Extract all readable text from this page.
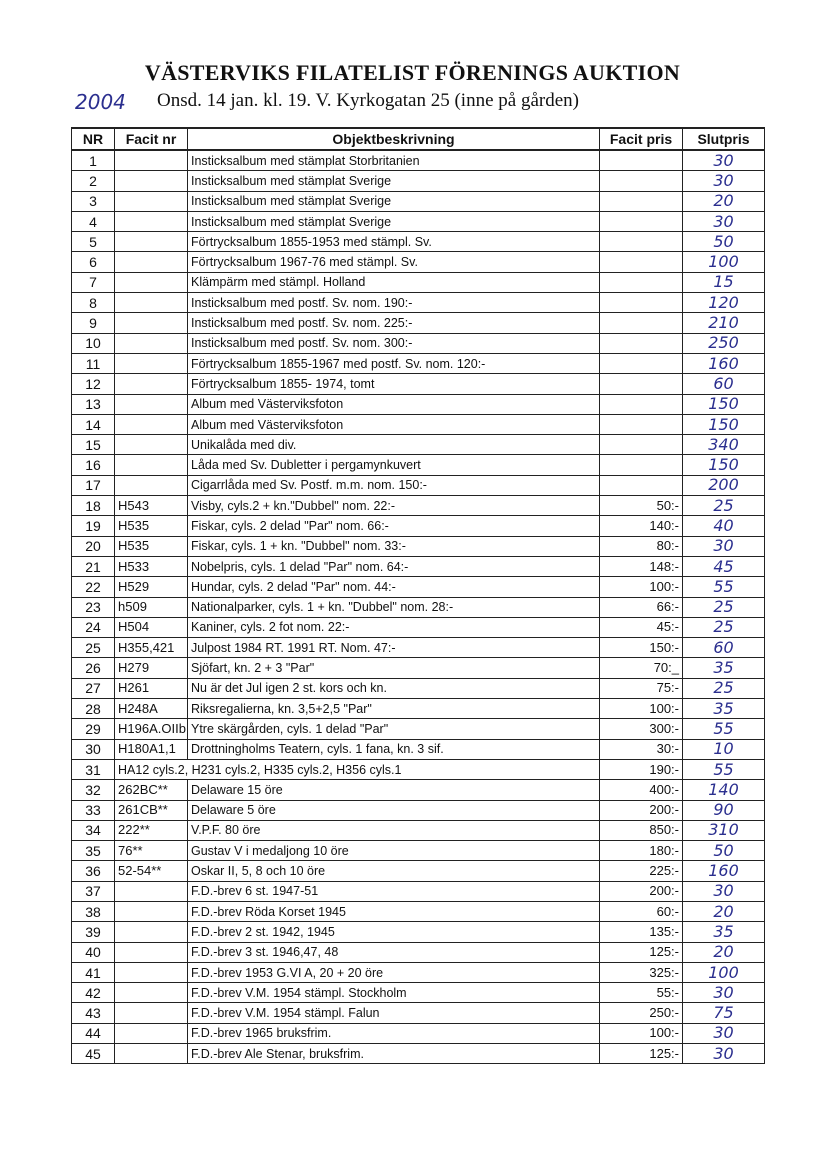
VÄSTERVIKS FILATELIST FÖRENINGS AUKTION
2004 Onsd. 14 jan. kl. 19. V. Kyrkogatan 25 (inne på gården)
NR	Facit nr	Objektbeskrivning	Facit pris	Slutpris
1		Insticksalbum med stämplat Storbritanien		30
2		Insticksalbum med stämplat Sverige		30
3		Insticksalbum med stämplat Sverige		20
4		Insticksalbum med stämplat Sverige		30
5		Förtrycksalbum 1855-1953 med stämpl. Sv.		50
6		Förtrycksalbum 1967-76 med stämpl. Sv.		100
7		Klämpärm med stämpl. Holland		15
8		Insticksalbum med postf. Sv. nom. 190:-		120
9		Insticksalbum med postf. Sv. nom. 225:-		210
10		Insticksalbum med postf. Sv. nom. 300:-		250
11		Förtrycksalbum 1855-1967 med postf. Sv. nom. 120:-		160
12		Förtrycksalbum 1855- 1974, tomt		60
13		Album med Västerviksfoton		150
14		Album med Västerviksfoton		150
15		Unikalåda med div.		340
16		Låda med Sv. Dubletter i pergamynkuvert		150
17		Cigarrlåda med Sv. Postf. m.m. nom. 150:-		200
18	H543	Visby, cyls.2 + kn."Dubbel" nom. 22:-	50:-	25
19	H535	Fiskar, cyls. 2 delad "Par" nom. 66:-	140:-	40
20	H535	Fiskar, cyls. 1 + kn. "Dubbel" nom. 33:-	80:-	30
21	H533	Nobelpris, cyls. 1 delad "Par" nom. 64:-	148:-	45
22	H529	Hundar, cyls. 2 delad "Par" nom. 44:-	100:-	55
23	h509	Nationalparker, cyls. 1 + kn. "Dubbel" nom. 28:-	66:-	25
24	H504	Kaniner, cyls. 2 fot nom. 22:-	45:-	25
25	H355,421	Julpost 1984 RT. 1991 RT. Nom. 47:-	150:-	60
26	H279	Sjöfart, kn. 2 + 3 "Par"	70:_	35
27	H261	Nu är det Jul igen 2 st. kors och kn.	75:-	25
28	H248A	Riksregalierna, kn. 3,5+2,5 "Par"	100:-	35
29	H196A.OIIb	Ytre skärgården, cyls. 1 delad "Par"	300:-	55
30	H180A1,1	Drottningholms Teatern, cyls. 1 fana, kn. 3 sif.	30:-	10
31	HA12 cyls.2, H231 cyls.2, H335 cyls.2, H356 cyls.1		190:-	55
32	262BC**	Delaware 15 öre	400:-	140
33	261CB**	Delaware 5 öre	200:-	90
34	222**	V.P.F. 80 öre	850:-	310
35	76**	Gustav V i medaljong 10 öre	180:-	50
36	52-54**	Oskar II, 5, 8 och 10 öre	225:-	160
37		F.D.-brev 6 st. 1947-51	200:-	30
38		F.D.-brev Röda Korset 1945	60:-	20
39		F.D.-brev 2 st. 1942, 1945	135:-	35
40		F.D.-brev 3 st. 1946,47, 48	125:-	20
41		F.D.-brev 1953 G.VI A, 20 + 20 öre	325:-	100
42		F.D.-brev V.M. 1954 stämpl. Stockholm	55:-	30
43		F.D.-brev V.M. 1954 stämpl. Falun	250:-	75
44		F.D.-brev 1965 bruksfrim.	100:-	30
45		F.D.-brev Ale Stenar, bruksfrim.	125:-	30
